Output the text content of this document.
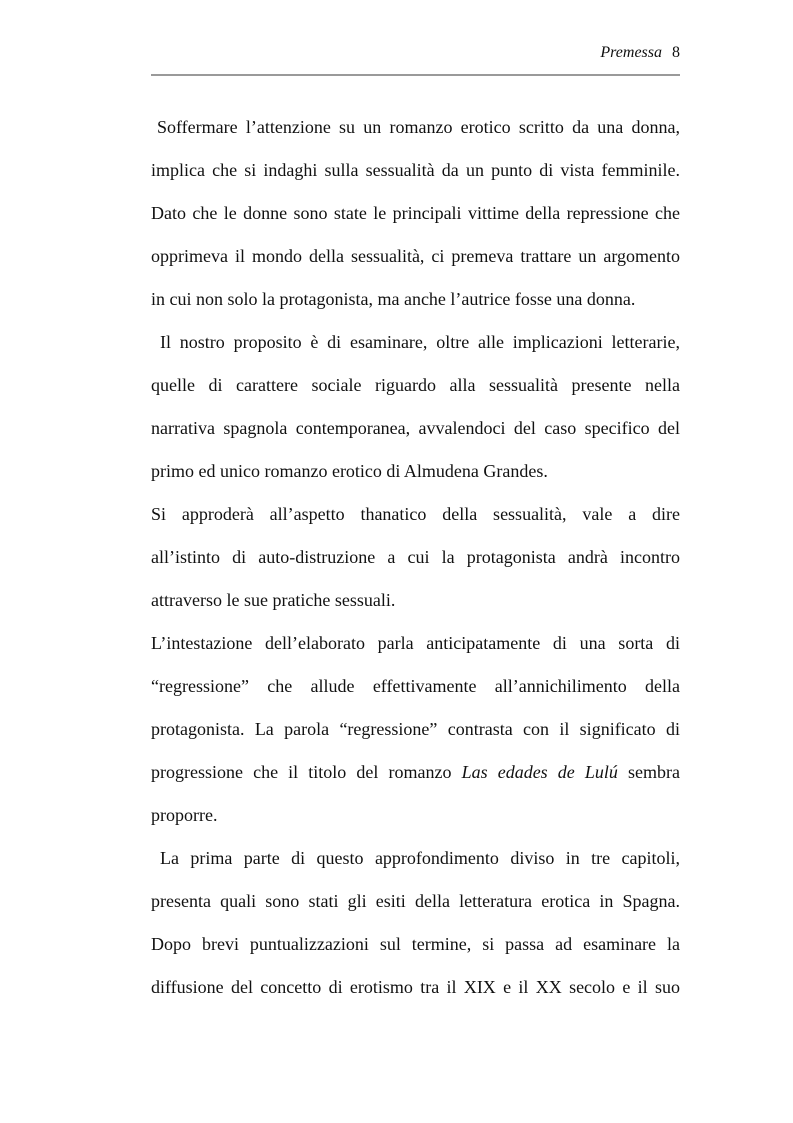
Premessa 8
Soffermare l’attenzione su un romanzo erotico scritto da una donna,
implica che si indaghi sulla sessualità da un punto di vista femminile.
Dato che le donne sono state le principali vittime della repressione che
opprimeva il mondo della sessualità, ci premeva trattare un argomento
in cui non solo la protagonista, ma anche l’autrice fosse una donna.
Il nostro proposito è di esaminare, oltre alle implicazioni letterarie,
quelle di carattere sociale riguardo alla sessualità presente nella
narrativa spagnola contemporanea, avvalendoci del caso specifico del
primo ed unico romanzo erotico di Almudena Grandes.
Si approderà all’aspetto thanatico della sessualità, vale a dire
all’istinto di auto-distruzione a cui la protagonista andrà incontro
attraverso le sue pratiche sessuali.
L’intestazione dell’elaborato parla anticipatamente di una sorta di
“regressione” che allude effettivamente all’annichilimento della
protagonista. La parola “regressione” contrasta con il significato di
progressione che il titolo del romanzo Las edades de Lulú sembra
proporre.
La prima parte di questo approfondimento diviso in tre capitoli,
presenta quali sono stati gli esiti della letteratura erotica in Spagna.
Dopo brevi puntualizzazioni sul termine, si passa ad esaminare la
diffusione del concetto di erotismo tra il XIX e il XX secolo e il suo
